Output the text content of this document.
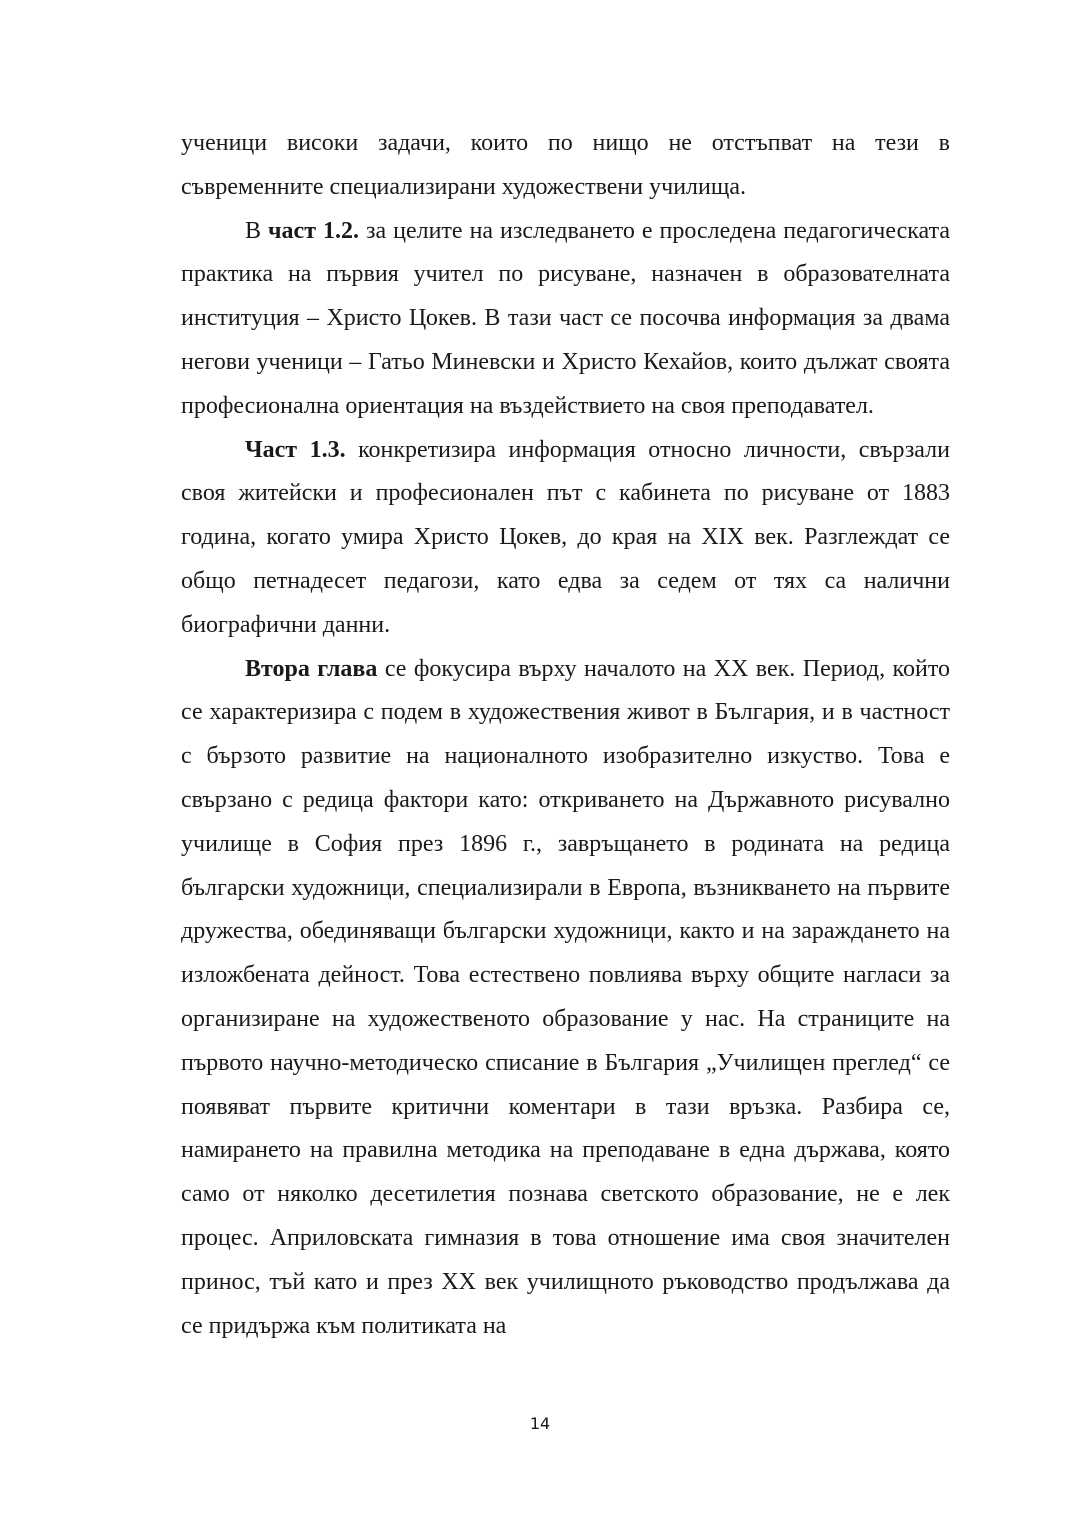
ученици високи задачи, които по нищо не отстъпват на тези в съвременните специализирани художествени училища.

В част 1.2. за целите на изследването е проследена педагогическата практика на първия учител по рисуване, назначен в образователната институция – Христо Цокев. В тази част се посочва информация за двама негови ученици – Гатьо Миневски и Христо Кехайов, които дължат своята професионална ориентация на въздействието на своя преподавател.

Част 1.3. конкретизира информация относно личности, свързали своя житейски и професионален път с кабинета по рисуване от 1883 година, когато умира Христо Цокев, до края на XIX век. Разглеждат се общо петнадесет педагози, като едва за седем от тях са налични биографични данни.

Втора глава се фокусира върху началото на XX век. Период, който се характеризира с подем в художествения живот в България, и в частност с бързото развитие на националното изобразително изкуство. Това е свързано с редица фактори като: откриването на Държавното рисувално училище в София през 1896 г., завръщането в родината на редица български художници, специализирали в Европа, възникването на първите дружества, обединяващи български художници, както и на зараждането на изложбената дейност. Това естествено повлиява върху общите нагласи за организиране на художественото образование у нас. На страниците на първото научно-методическо списание в България „Училищен преглед“ се появяват първите критични коментари в тази връзка. Разбира се, намирането на правилна методика на преподаване в една държава, която само от няколко десетилетия познава светското образование, не е лек процес. Априловската гимназия в това отношение има своя значителен принос, тъй като и през XX век училищното ръководство продължава да се придържа към политиката на

14
